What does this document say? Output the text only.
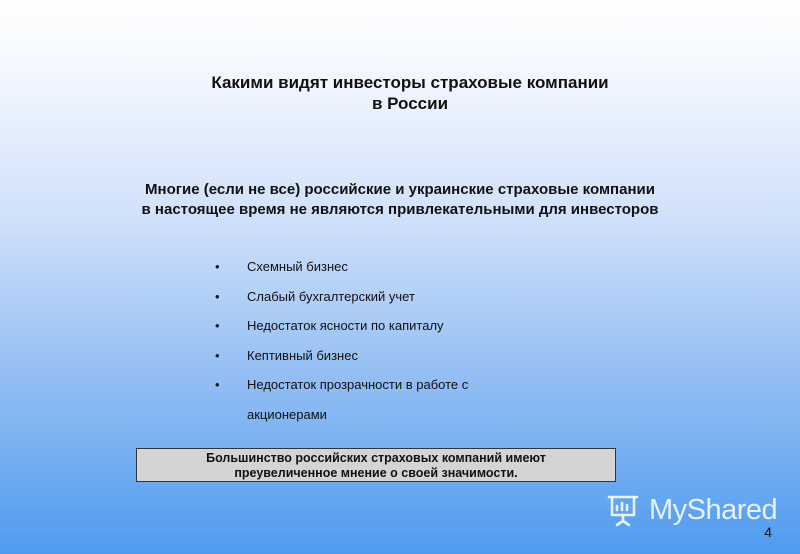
Какими видят инвесторы страховые компании
в России
Многие (если не все) российские и украинские страховые компании
в настоящее время не являются привлекательными для инвесторов
• Схемный бизнес
• Слабый бухгалтерский учет
• Недостаток ясности по капиталу
• Кептивный бизнес
• Недостаток прозрачности в работе с акционерами
Большинство российских страховых компаний имеют
преувеличенное мнение о своей значимости.
MyShared
4
